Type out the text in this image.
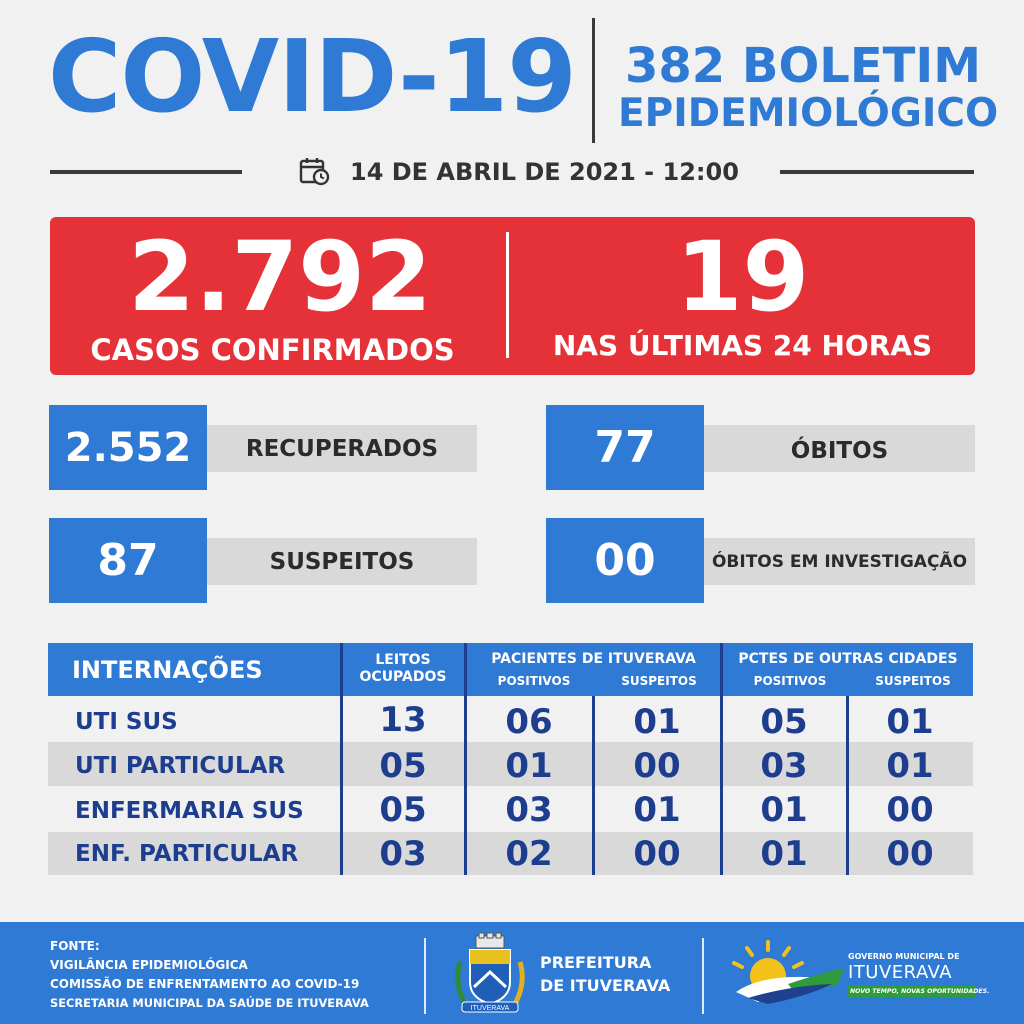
COVID-19 382 BOLETIM
EPIDEMIOLÓGICO
14 DE ABRIL DE 2021 - 12:00
2.792
CASOS CONFIRMADOS
19
NAS ÚLTIMAS 24 HORAS
2.552	RECUPERADOS	77	ÓBITOS
87	SUSPEITOS	00	ÓBITOS EM INVESTIGAÇÃO
INTERNAÇÕES	LEITOS
OCUPADOS
PACIENTES DE ITUVERAVA
POSITIVOS	SUSPEITOS
PCTES DE OUTRAS CIDADES
POSITIVOS	SUSPEITOS
UTI SUS	13	06	01	05	01
UTI PARTICULAR	05	01	00	03	01
ENFERMARIA SUS	05	03	01	01	00
ENF. PARTICULAR	03	02	00	01	00
FONTE:
VIGILÂNCIA EPIDEMIOLÓGICA
COMISSÃO DE ENFRENTAMENTO AO COVID-19
SECRETARIA MUNICIPAL DA SAÚDE DE ITUVERAVA	ITUVERAVA
PREFEITURA
DE ITUVERAVA
GOVERNO MUNICIPAL DE
ITUVERAVA
NOVO TEMPO, NOVAS OPORTUNIDADES.
